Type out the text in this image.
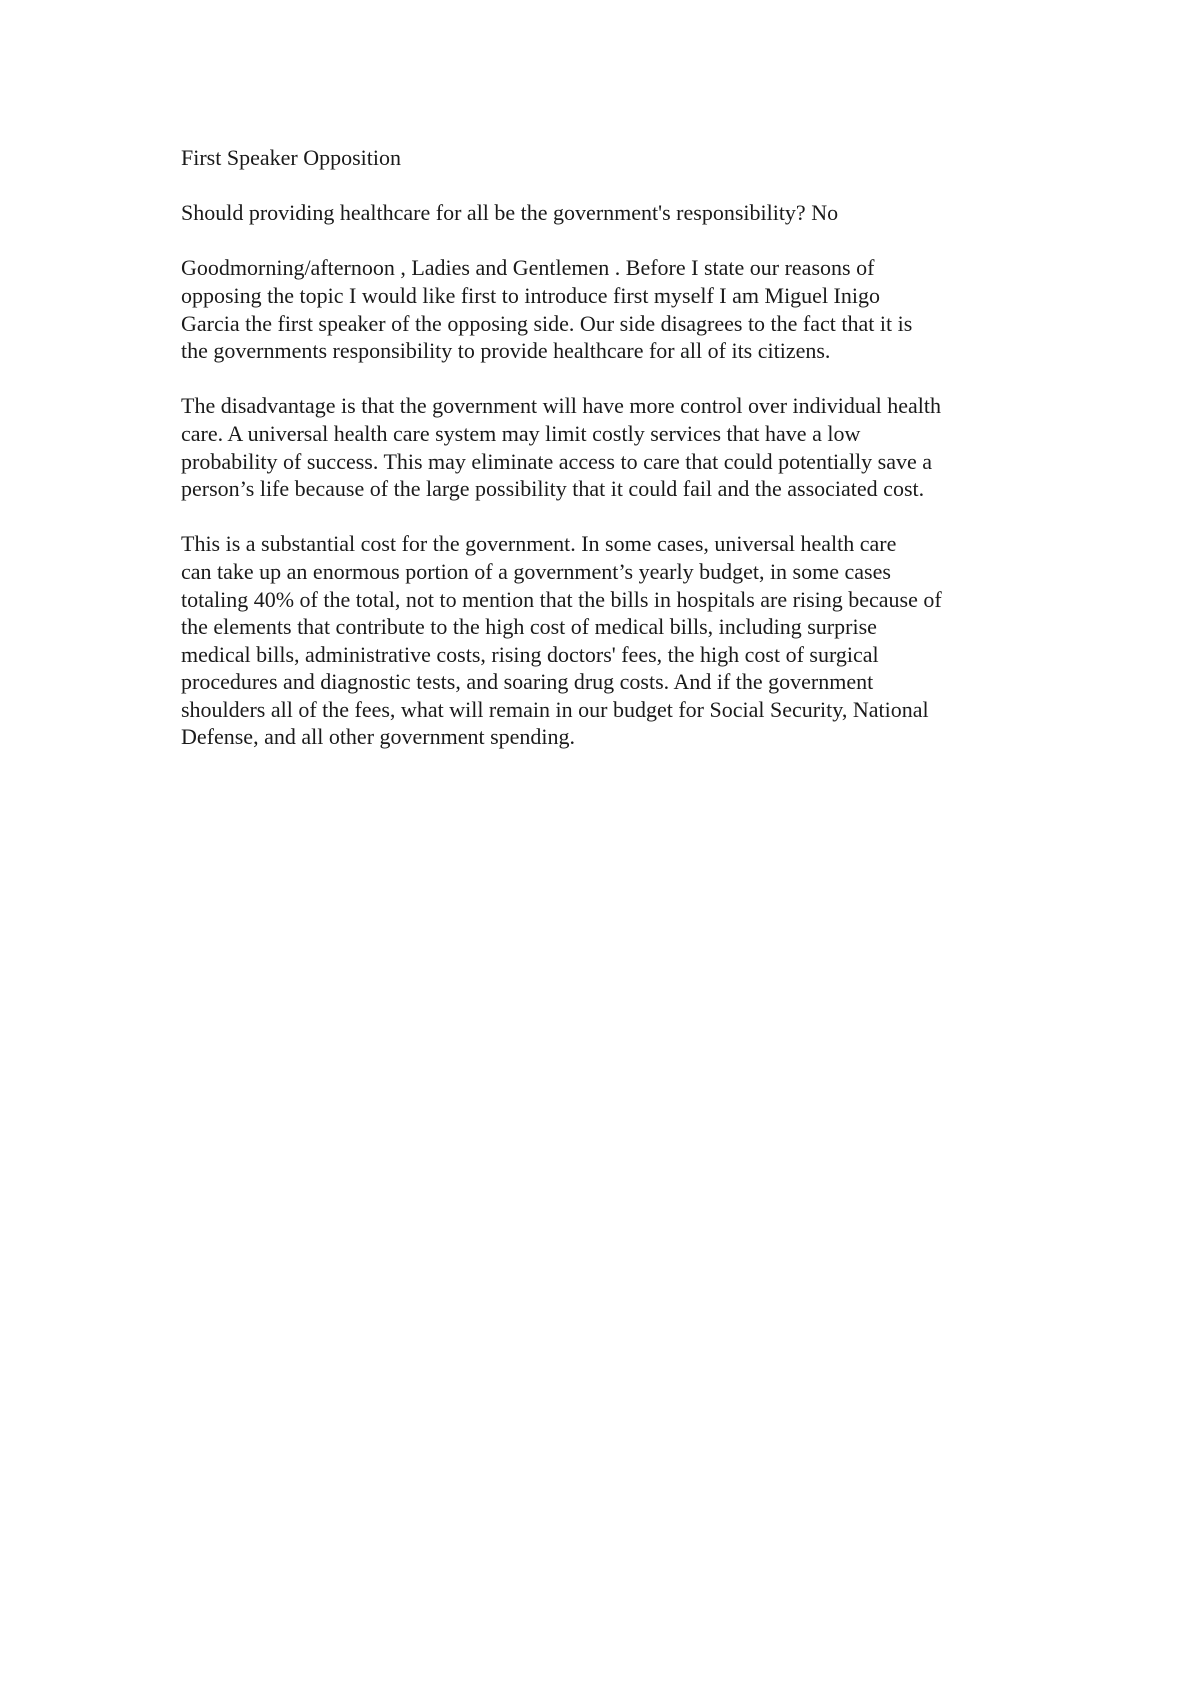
First Speaker Opposition

Should providing healthcare for all be the government's responsibility? No

Goodmorning/afternoon , Ladies and Gentlemen . Before I state our reasons of
opposing the topic I would like first to introduce first myself I am Miguel Inigo
Garcia the first speaker of the opposing side. Our side disagrees to the fact that it is
the governments responsibility to provide healthcare for all of its citizens.

The disadvantage is that the government will have more control over individual health
care. A universal health care system may limit costly services that have a low
probability of success. This may eliminate access to care that could potentially save a
person’s life because of the large possibility that it could fail and the associated cost.

This is a substantial cost for the government. In some cases, universal health care
can take up an enormous portion of a government’s yearly budget, in some cases
totaling 40% of the total, not to mention that the bills in hospitals are rising because of
the elements that contribute to the high cost of medical bills, including surprise
medical bills, administrative costs, rising doctors' fees, the high cost of surgical
procedures and diagnostic tests, and soaring drug costs. And if the government
shoulders all of the fees, what will remain in our budget for Social Security, National
Defense, and all other government spending.
